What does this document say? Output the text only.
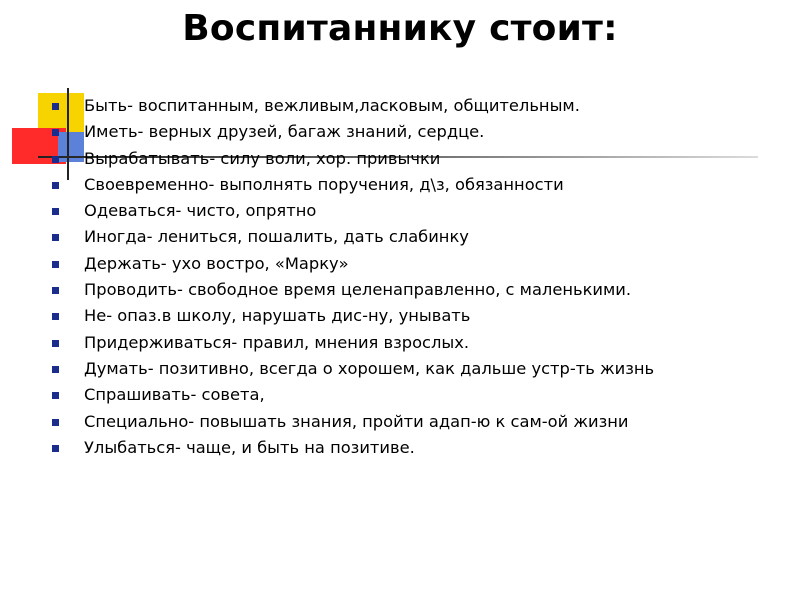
Воспитаннику стоит:
Быть- воспитанным, вежливым,ласковым, общительным.
Иметь- верных друзей, багаж знаний, сердце.
Вырабатывать- силу воли, хор. привычки
Своевременно- выполнять поручения, д\з, обязанности
Одеваться- чисто, опрятно
Иногда- лениться, пошалить, дать слабинку
Держать- ухо востро, «Марку»
Проводить- свободное время целенаправленно, с маленькими.
Не- опаз.в школу, нарушать дис-ну, унывать
Придерживаться- правил, мнения взрослых.
Думать- позитивно, всегда о хорошем, как дальше устр-ть жизнь
Спрашивать- совета,
Специально- повышать знания, пройти адап-ю к сам-ой жизни
Улыбаться- чаще, и быть на позитиве.
